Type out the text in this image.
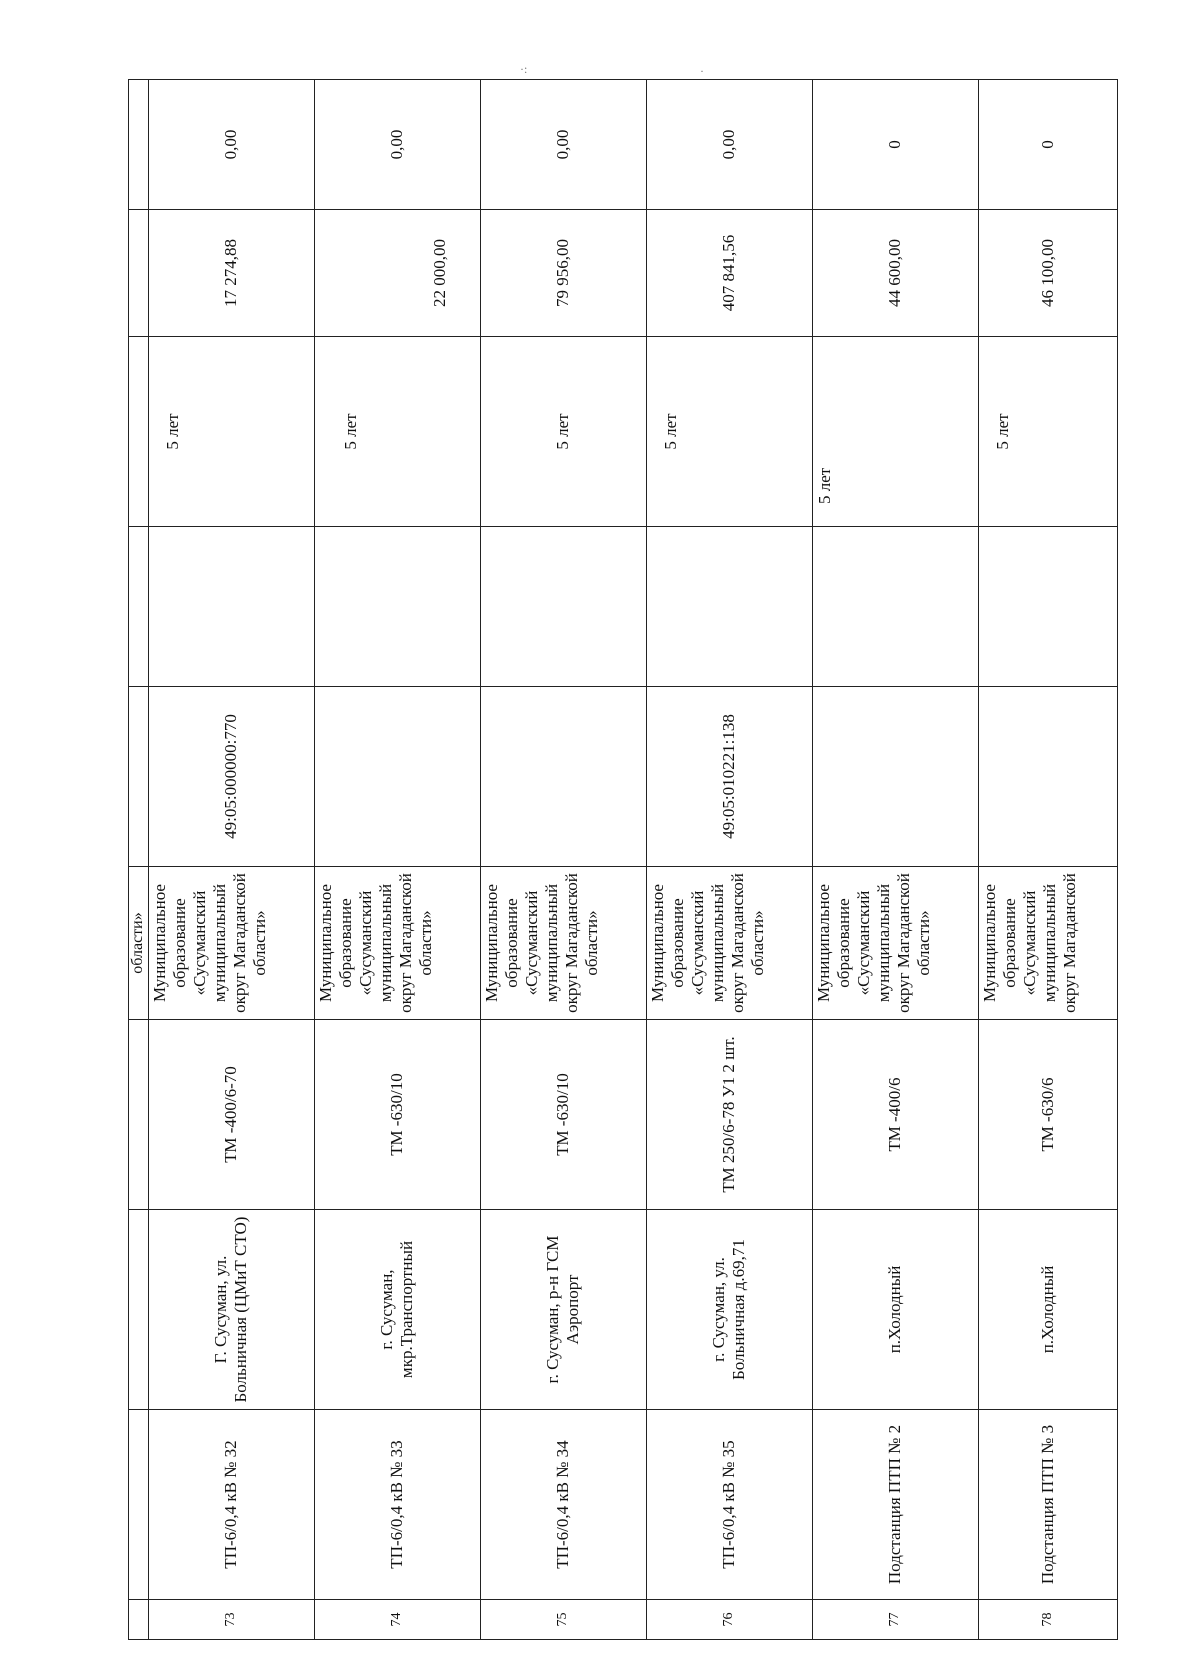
				области»					
73	ТП-6/0,4 кВ № 32	Г. Сусуман, ул. Больничная (ЦМиТ СТО)	ТМ -400/6-70	Муниципальное образование «Сусуманский муниципальный округ Магаданской области»	49:05:000000:770		5 лет	17 274,88	0,00
74	ТП-6/0,4 кВ № 33	г. Сусуман, мкр.Транспортный	ТМ -630/10	Муниципальное образование «Сусуманский муниципальный округ Магаданской области»			5 лет	22 000,00	0,00
75	ТП-6/0,4 кВ № 34	г. Сусуман, р-н ГСМ Аэропорт	ТМ -630/10	Муниципальное образование «Сусуманский муниципальный округ Магаданской области»			5 лет	79 956,00	0,00
76	ТП-6/0,4 кВ № 35	г. Сусуман, ул. Больничная д.69,71	ТМ 250/6-78 У1 2 шт.	Муниципальное образование «Сусуманский муниципальный округ Магаданской области»	49:05:010221:138		5 лет	407 841,56	0,00
77	Подстанция ПТП № 2	п.Холодный	ТМ -400/6	Муниципальное образование «Сусуманский муниципальный округ Магаданской области»			5 лет	44 600,00	0
78	Подстанция ПТП № 3	п.Холодный	ТМ -630/6	Муниципальное образование «Сусуманский муниципальный округ Магаданской			5 лет	46 100,00	0
·:	·
